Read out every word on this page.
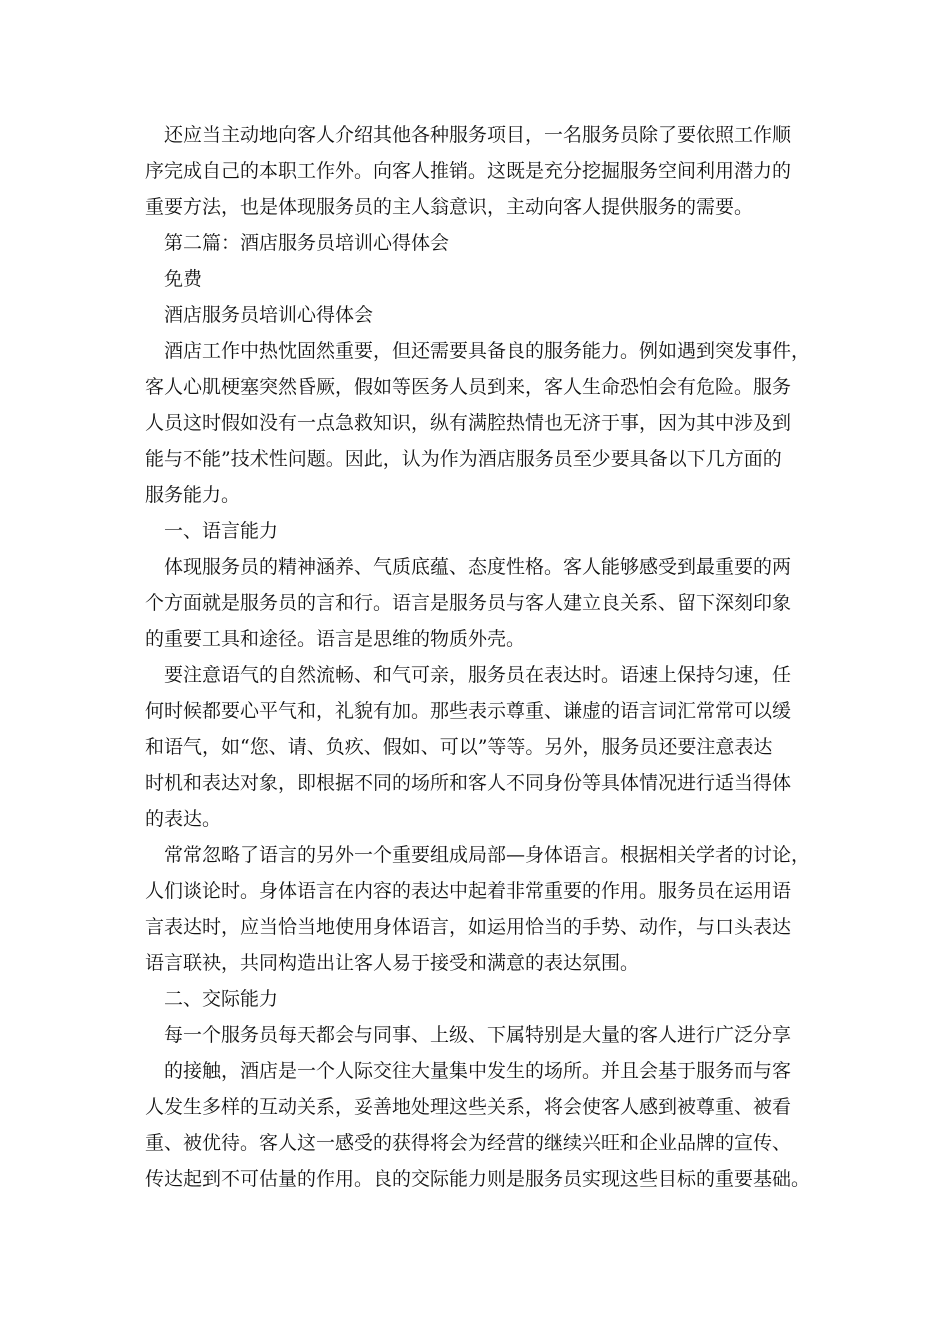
还应当主动地向客人介绍其他各种服务项目，一名服务员除了要依照工作顺

序完成自己的本职工作外。向客人推销。这既是充分挖掘服务空间利用潜力的

重要方法，也是体现服务员的主人翁意识，主动向客人提供服务的需要。

第二篇：酒店服务员培训心得体会

免费

酒店服务员培训心得体会

酒店工作中热忱固然重要，但还需要具备良的服务能力。例如遇到突发事件，

客人心肌梗塞突然昏厥，假如等医务人员到来，客人生命恐怕会有危险。服务

人员这时假如没有一点急救知识，纵有满腔热情也无济于事，因为其中涉及到

能与不能”技术性问题。因此，认为作为酒店服务员至少要具备以下几方面的

服务能力。

一、语言能力

体现服务员的精神涵养、气质底蕴、态度性格。客人能够感受到最重要的两

个方面就是服务员的言和行。语言是服务员与客人建立良关系、留下深刻印象

的重要工具和途径。语言是思维的物质外壳。

要注意语气的自然流畅、和气可亲，服务员在表达时。语速上保持匀速，任

何时候都要心平气和，礼貌有加。那些表示尊重、谦虚的语言词汇常常可以缓

和语气，如“您、请、负疚、假如、可以”等等。另外，服务员还要注意表达

时机和表达对象，即根据不同的场所和客人不同身份等具体情况进行适当得体

的表达。

常常忽略了语言的另外一个重要组成局部—身体语言。根据相关学者的讨论，

人们谈论时。身体语言在内容的表达中起着非常重要的作用。服务员在运用语

言表达时，应当恰当地使用身体语言，如运用恰当的手势、动作，与口头表达

语言联袂，共同构造出让客人易于接受和满意的表达氛围。

二、交际能力

每一个服务员每天都会与同事、上级、下属特别是大量的客人进行广泛分享

的接触，酒店是一个人际交往大量集中发生的场所。并且会基于服务而与客

人发生多样的互动关系，妥善地处理这些关系，将会使客人感到被尊重、被看

重、被优待。客人这一感受的获得将会为经营的继续兴旺和企业品牌的宣传、

传达起到不可估量的作用。良的交际能力则是服务员实现这些目标的重要基础。
